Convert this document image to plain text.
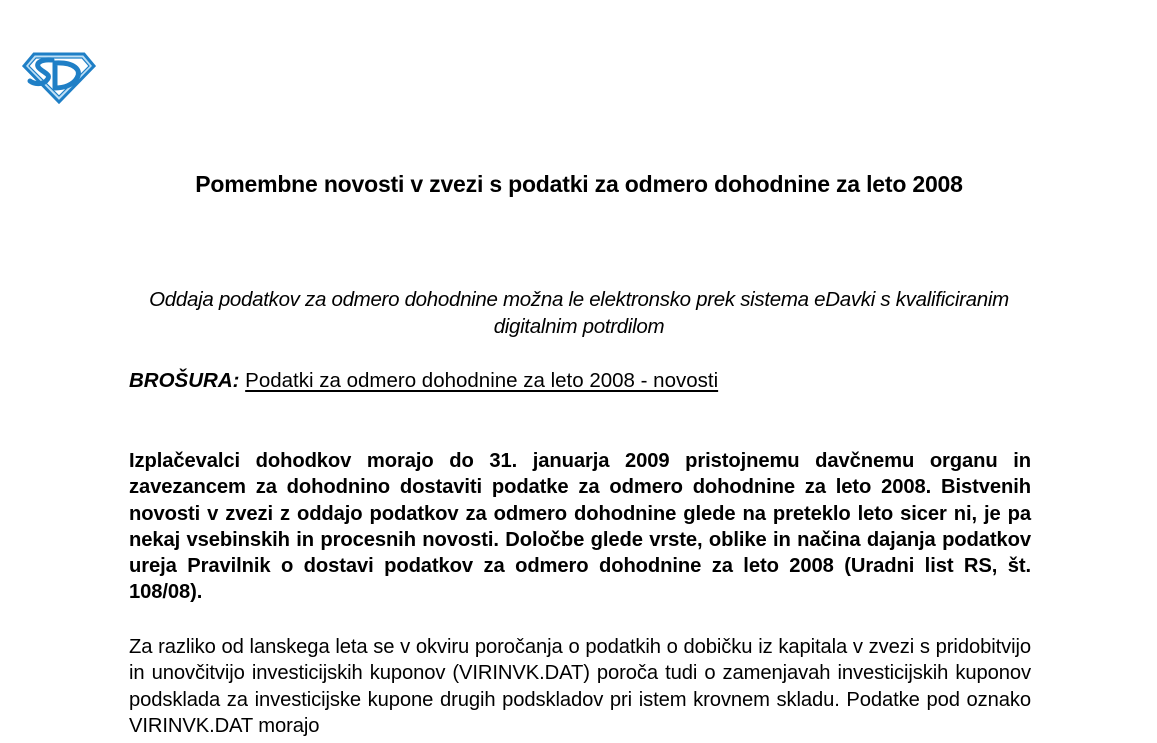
Pomembne novosti v zvezi s podatki za odmero dohodnine za leto 2008

Oddaja podatkov za odmero dohodnine možna le elektronsko prek sistema eDavki s kvalificiranim digitalnim potrdilom

BROŠURA: Podatki za odmero dohodnine za leto 2008 - novosti

Izplačevalci dohodkov morajo do 31. januarja 2009 pristojnemu davčnemu organu in zavezancem za dohodnino dostaviti podatke za odmero dohodnine za leto 2008. Bistvenih novosti v zvezi z oddajo podatkov za odmero dohodnine glede na preteklo leto sicer ni, je pa nekaj vsebinskih in procesnih novosti. Določbe glede vrste, oblike in načina dajanja podatkov ureja Pravilnik o dostavi podatkov za odmero dohodnine za leto 2008 (Uradni list RS, št. 108/08).

Za razliko od lanskega leta se v okviru poročanja o podatkih o dobičku iz kapitala v zvezi s pridobitvijo in unovčitvijo investicijskih kuponov (VIRINVK.DAT) poroča tudi o zamenjavah investicijskih kuponov podsklada za investicijske kupone drugih podskladov pri istem krovnem skladu. Podatke pod oznako VIRINVK.DAT morajo
